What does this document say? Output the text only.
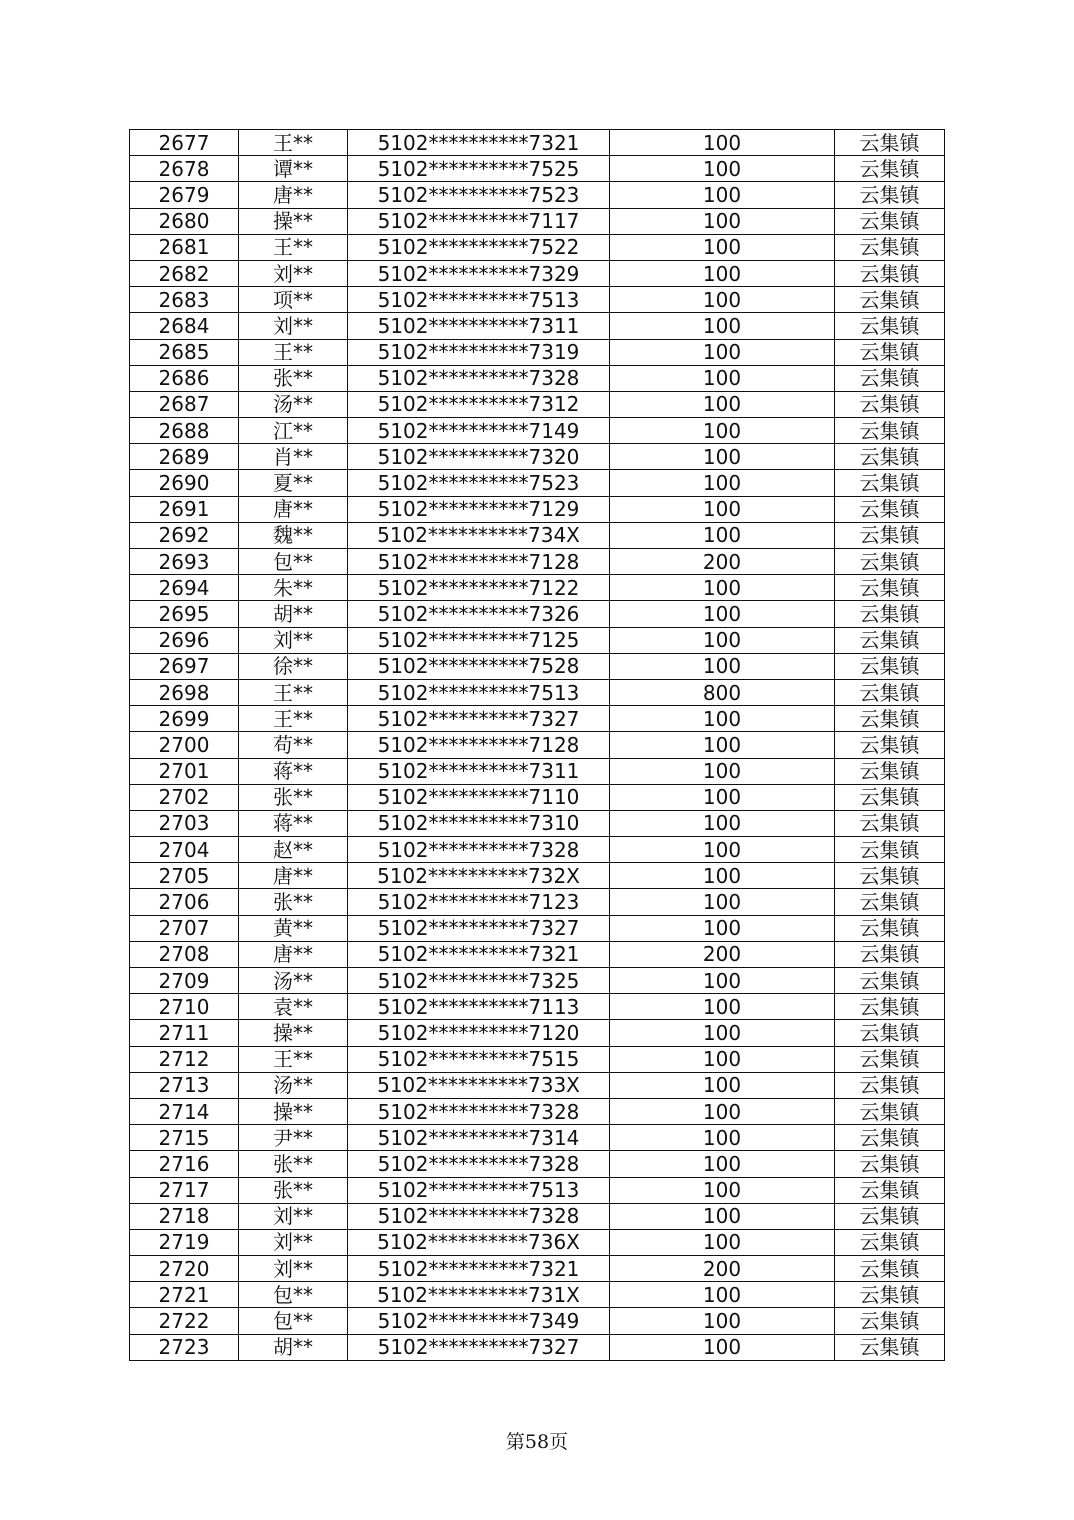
2677	王**	5102**********7321	100	云集镇
2678	谭**	5102**********7525	100	云集镇
2679	唐**	5102**********7523	100	云集镇
2680	操**	5102**********7117	100	云集镇
2681	王**	5102**********7522	100	云集镇
2682	刘**	5102**********7329	100	云集镇
2683	项**	5102**********7513	100	云集镇
2684	刘**	5102**********7311	100	云集镇
2685	王**	5102**********7319	100	云集镇
2686	张**	5102**********7328	100	云集镇
2687	汤**	5102**********7312	100	云集镇
2688	江**	5102**********7149	100	云集镇
2689	肖**	5102**********7320	100	云集镇
2690	夏**	5102**********7523	100	云集镇
2691	唐**	5102**********7129	100	云集镇
2692	魏**	5102**********734X	100	云集镇
2693	包**	5102**********7128	200	云集镇
2694	朱**	5102**********7122	100	云集镇
2695	胡**	5102**********7326	100	云集镇
2696	刘**	5102**********7125	100	云集镇
2697	徐**	5102**********7528	100	云集镇
2698	王**	5102**********7513	800	云集镇
2699	王**	5102**********7327	100	云集镇
2700	苟**	5102**********7128	100	云集镇
2701	蒋**	5102**********7311	100	云集镇
2702	张**	5102**********7110	100	云集镇
2703	蒋**	5102**********7310	100	云集镇
2704	赵**	5102**********7328	100	云集镇
2705	唐**	5102**********732X	100	云集镇
2706	张**	5102**********7123	100	云集镇
2707	黄**	5102**********7327	100	云集镇
2708	唐**	5102**********7321	200	云集镇
2709	汤**	5102**********7325	100	云集镇
2710	袁**	5102**********7113	100	云集镇
2711	操**	5102**********7120	100	云集镇
2712	王**	5102**********7515	100	云集镇
2713	汤**	5102**********733X	100	云集镇
2714	操**	5102**********7328	100	云集镇
2715	尹**	5102**********7314	100	云集镇
2716	张**	5102**********7328	100	云集镇
2717	张**	5102**********7513	100	云集镇
2718	刘**	5102**********7328	100	云集镇
2719	刘**	5102**********736X	100	云集镇
2720	刘**	5102**********7321	200	云集镇
2721	包**	5102**********731X	100	云集镇
2722	包**	5102**********7349	100	云集镇
2723	胡**	5102**********7327	100	云集镇
第58页
